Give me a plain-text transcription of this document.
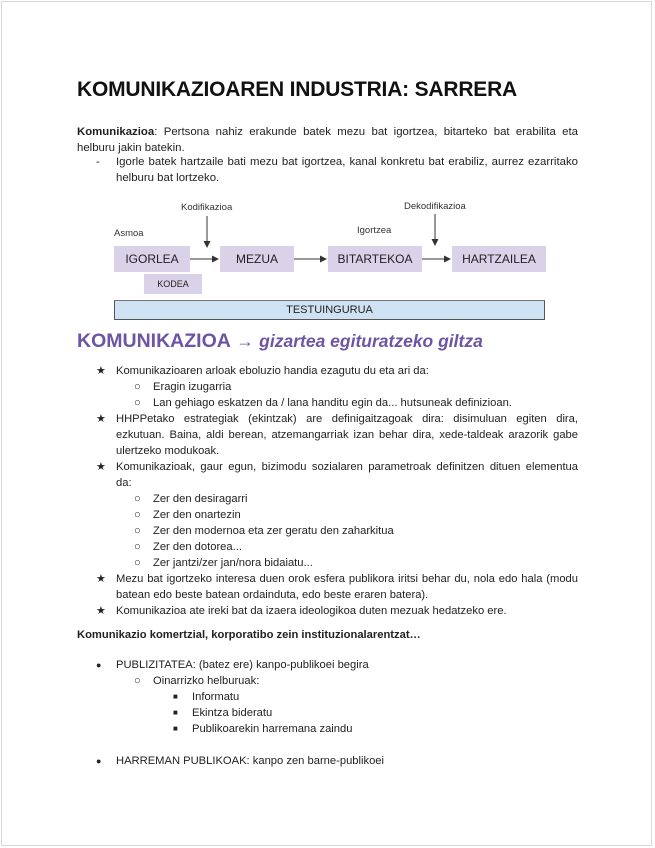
KOMUNIKAZIOAREN INDUSTRIA: SARRERA
Komunikazioa: Pertsona nahiz erakunde batek mezu bat igortzea, bitarteko bat erabilita eta helburu jakin batekin.
- Igorle batek hartzaile bati mezu bat igortzea, kanal konkretu bat erabiliz, aurrez ezarritako helburu bat lortzeko.
Asmoa
Kodifikazioa
Igortzea
Dekodifikazioa
IGORLEA	MEZUA	BITARTEKOA	HARTZAILEA
KODEA
TESTUINGURUA
KOMUNIKAZIOA → gizartea egituratzeko giltza
★ Komunikazioaren arloak eboluzio handia ezagutu du eta ari da:
○ Eragin izugarria
○ Lan gehiago eskatzen da / lana handitu egin da... hutsuneak definizioan.
★ HHPPetako estrategiak (ekintzak) are definigaitzagoak dira: disimuluan egiten dira, ezkutuan. Baina, aldi berean, atzemangarriak izan behar dira, xede-taldeak arazorik gabe ulertzeko modukoak.
★ Komunikazioak, gaur egun, bizimodu sozialaren parametroak definitzen dituen elementua da:
○ Zer den desiragarri
○ Zer den onartezin
○ Zer den modernoa eta zer geratu den zaharkitua
○ Zer den dotorea...
○ Zer jantzi/zer jan/nora bidaiatu...
★ Mezu bat igortzeko interesa duen orok esfera publikora iritsi behar du, nola edo hala (modu batean edo beste batean ordainduta, edo beste eraren batera).
★ Komunikazioa ate ireki bat da izaera ideologikoa duten mezuak hedatzeko ere.
Komunikazio komertzial, korporatibo zein instituzionalarentzat…
● PUBLIZITATEA: (batez ere) kanpo-publikoei begira
○ Oinarrizko helburuak:
■ Informatu
■ Ekintza bideratu
■ Publikoarekin harremana zaindu
● HARREMAN PUBLIKOAK: kanpo zen barne-publikoei
